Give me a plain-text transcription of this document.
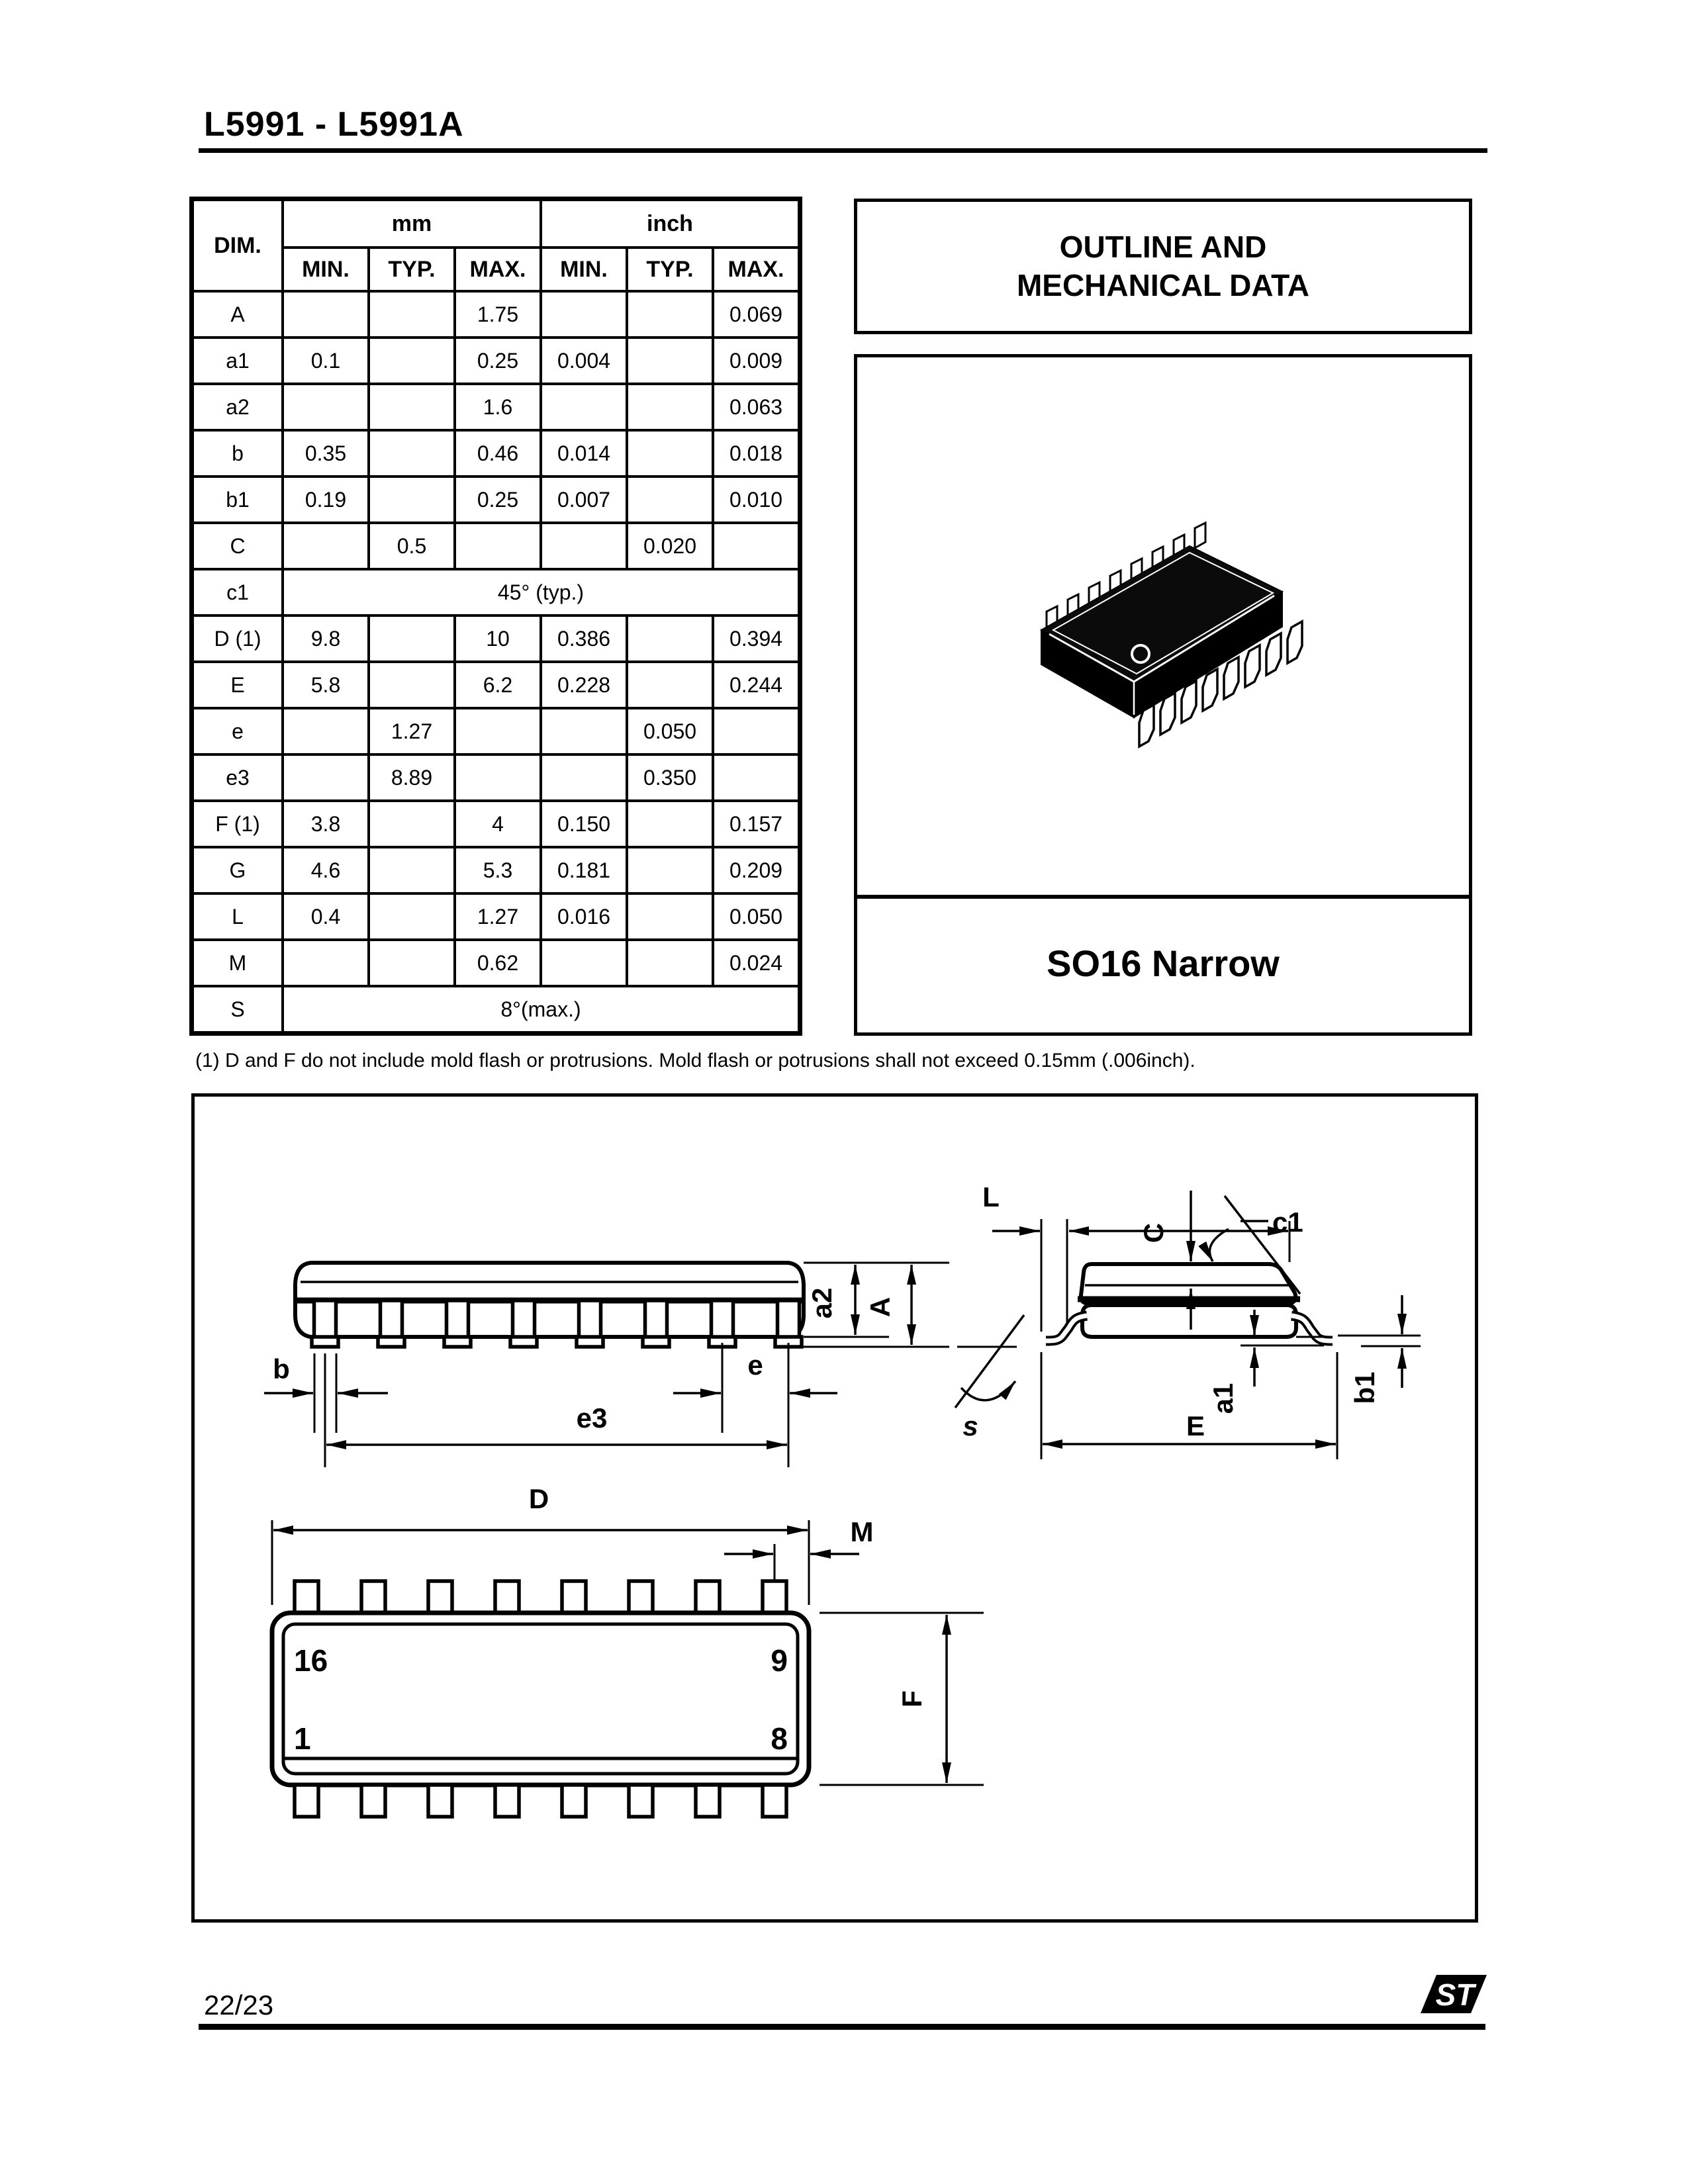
L5991 - L5991A
DIM.	mm			inch		
	MIN.	TYP.	MAX.	MIN.	TYP.	MAX.
A			1.75			0.069
a1	0.1		0.25	0.004		0.009
a2			1.6			0.063
b	0.35		0.46	0.014		0.018
b1	0.19		0.25	0.007		0.010
C		0.5			0.020	
c1	45° (typ.)					
D (1)	9.8		10	0.386		0.394
E	5.8		6.2	0.228		0.244
e		1.27			0.050	
e3		8.89			0.350	
F (1)	3.8		4	0.150		0.157
G	4.6		5.3	0.181		0.209
L	0.4		1.27	0.016		0.050
M			0.62			0.024
S	8°(max.)					
OUTLINE AND
MECHANICAL DATA
SO16 Narrow
(1) D and F do not include mold flash or protrusions. Mold flash or potrusions shall not exceed 0.15mm (.006inch).
a2 A
b	e
e3
L
C	c1
s
a1	b1
E
D
M
16	9
1	8
F
22/23	ST
